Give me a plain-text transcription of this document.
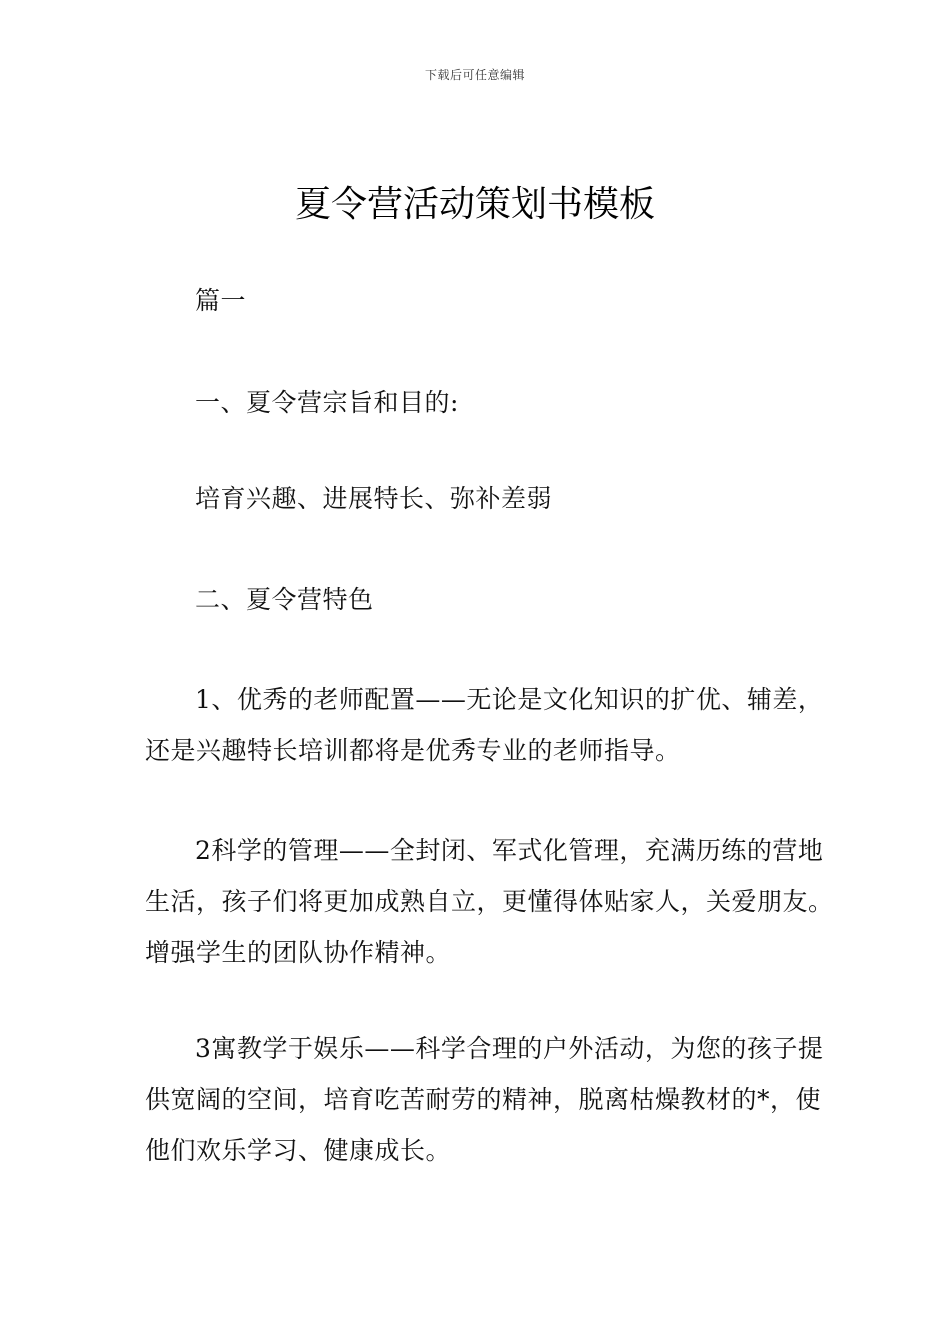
下载后可任意编辑
夏令营活动策划书模板

篇一

一、夏令营宗旨和目的:

培育兴趣、进展特长、弥补差弱

二、夏令营特色

1、优秀的老师配置——无论是文化知识的扩优、辅差，还是兴趣特长培训都将是优秀专业的老师指导。

2科学的管理——全封闭、军式化管理，充满历练的营地生活，孩子们将更加成熟自立，更懂得体贴家人，关爱朋友。增强学生的团队协作精神。

3寓教学于娱乐——科学合理的户外活动，为您的孩子提供宽阔的空间，培育吃苦耐劳的精神，脱离枯燥教材的*，使他们欢乐学习、健康成长。
